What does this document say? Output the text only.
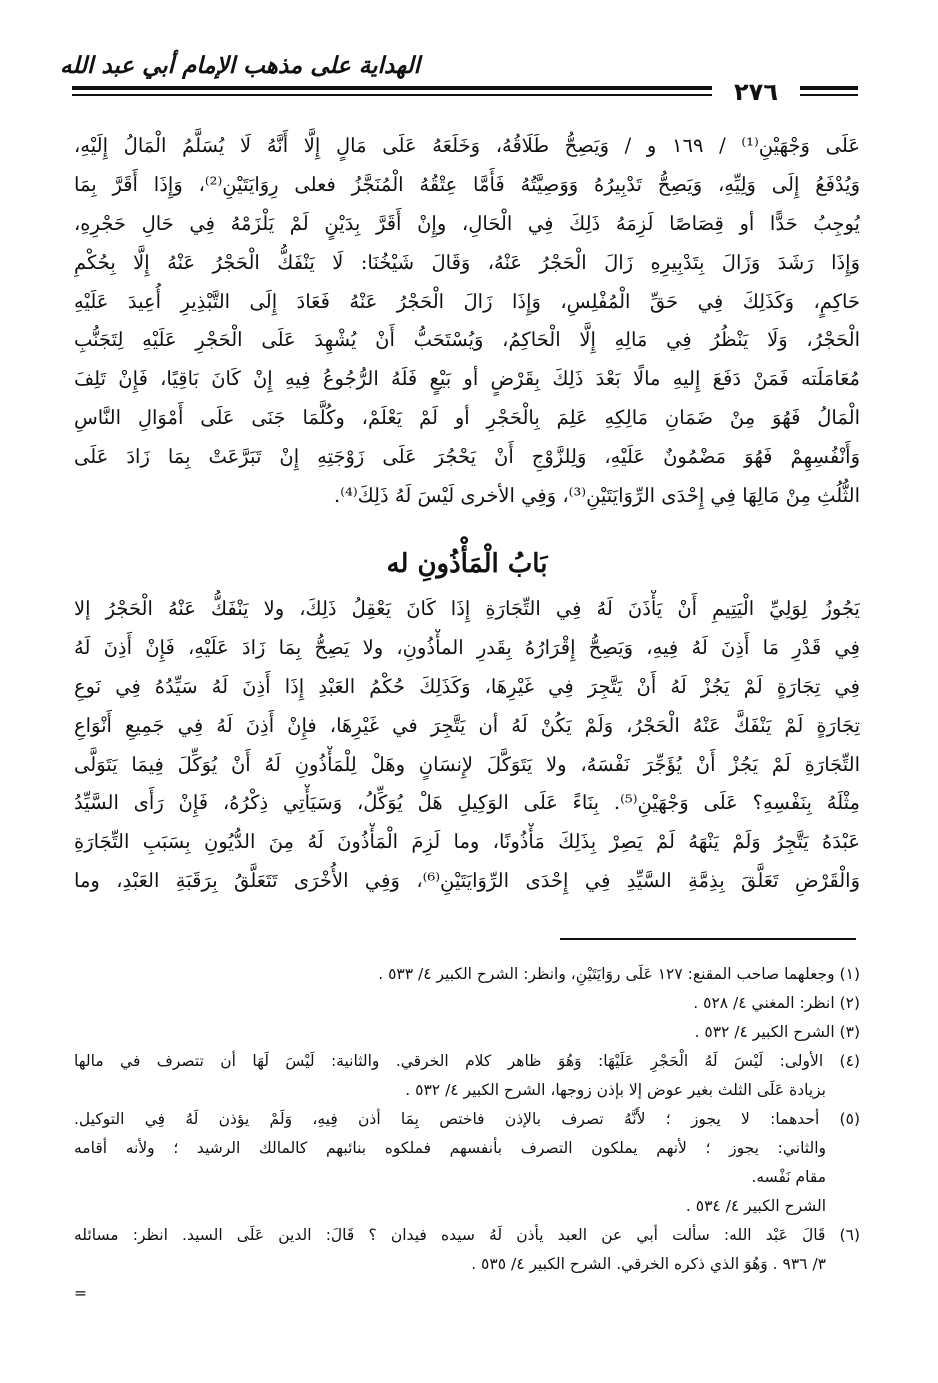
الهداية على مذهب الإمام أبي عبد الله
٢٧٦
عَلَى وَجْهَيْنِ⁽¹⁾ / ١٦٩ و / وَيَصِحُّ طَلَاقُهُ، وَخَلَعَهُ عَلَى مَالٍ إِلَّا أَنَّهُ لَا يُسَلَّمُ الْمَالُ إِلَيْهِ،
وَيُدْفَعُ إِلَى وَلِيِّهِ، وَيَصِحُّ تَدْبِيرُهُ وَوَصِيَّتُهُ فَأَمَّا عِتْقُهُ الْمُنَجَّزُ فعلى رِوَايَتَيْنِ⁽²⁾، وَإِذَا أَقَرَّ بِمَا
يُوجِبُ حَدًّا أو قِصَاصًا لَزِمَهُ ذَلِكَ فِي الْحَالِ، وإِنْ أَقَرَّ بِدَيْنٍ لَمْ يَلْزَمْهُ فِي حَالِ حَجْرِهِ،
وَإِذَا رَشَدَ وَزَالَ بِتَدْبِيرِهِ زَالَ الْحَجْرُ عَنْهُ، وَقَالَ شَيْخُنَا: لَا يَنْفَكُّ الْحَجْرُ عَنْهُ إِلَّا بِحُكْمِ
حَاكِمٍ، وَكَذَلِكَ فِي حَقِّ الْمُفْلِسِ، وَإِذَا زَالَ الْحَجْرُ عَنْهُ فَعَادَ إِلَى التَّبْذِيرِ أُعِيدَ عَلَيْهِ
الْحَجْرُ، وَلَا يَنْظُرُ فِي مَالِهِ إِلَّا الْحَاكِمُ، وَيُسْتَحَبُّ أَنْ يُشْهِدَ عَلَى الْحَجْرِ عَلَيْهِ لِتَجَنُّبِ
مُعَامَلَته فَمَنْ دَفَعَ إِليهِ مالًا بَعْدَ ذَلِكَ بِقَرْضٍ أو بَيْعٍ فَلَهُ الرُّجُوعُ فِيهِ إِنْ كَانَ بَاقِيًا، فَإِنْ تَلِفَ
الْمَالُ فَهُوَ مِنْ ضَمَانِ مَالِكِهِ عَلِمَ بِالْحَجْرِ أو لَمْ يَعْلَمْ، وكُلَّمَا جَنَى عَلَى أَمْوَالِ النَّاسِ
وَأَنْفُسِهِمْ فَهُوَ مَضْمُونٌ عَلَيْهِ، وَلِلزَّوْجِ أَنْ يَحْجُرَ عَلَى زَوْجَتِهِ إِنْ تَبَرَّعَتْ بِمَا زَادَ عَلَى
الثُّلُثِ مِنْ مَالِهَا فِي إِحْدَى الرِّوَايَتَيْنِ⁽³⁾، وَفِي الأخرى لَيْسَ لَهُ ذَلِكَ⁽⁴⁾.
بَابُ الْمَأْذُونِ له
يَجُوزُ لِوَلِيِّ الْيَتِيمِ أَنْ يَأْذَنَ لَهُ فِي التِّجَارَةِ إِذَا كَانَ يَعْقِلُ ذَلِكَ، ولا يَنْفَكُّ عَنْهُ الْحَجْرُ إلا
فِي قَدْرِ مَا أَذِنَ لَهُ فِيهِ، وَيَصِحُّ إِقْرَارُهُ بِقَدرِ المأْذُونِ، ولا يَصِحُّ بِمَا زَادَ عَلَيْهِ، فَإِنْ أَذِنَ لَهُ
فِي تِجَارَةٍ لَمْ يَجُزْ لَهُ أَنْ يَتَّجِرَ فِي غَيْرِهَا، وَكَذَلِكَ حُكْمُ العَبْدِ إِذَا أَذِنَ لَهُ سَيِّدُهُ فِي نَوعِ
تِجَارَةٍ لَمْ يَنْفَكَّ عَنْهُ الْحَجْرُ، وَلَمْ يَكُنْ لَهُ أن يَتَّجِرَ في غَيْرِهَا، فإِنْ أَذِنَ لَهُ فِي جَمِيعِ أَنْوَاعِ
التِّجَارَةِ لَمْ يَجُزْ أَنْ يُؤَجِّرَ نَفْسَهُ، ولا يَتَوَكَّلَ لإِنسَانٍ وهَلْ لِلْمَأْذُونِ لَهُ أَنْ يُوَكِّلَ فِيمَا يَتَوَلَّى
مِثْلَهُ بِنَفْسِهِ؟ عَلَى وَجْهَيْنِ⁽⁵⁾. بِنَاءً عَلَى الوَكِيلِ هَلْ يُوَكِّلُ، وَسَيَأْتِي ذِكْرُهُ، فَإِنْ رَأَى السَّيِّدُ
عَبْدَهُ يَتَّجِرُ وَلَمْ يَنْهَهُ لَمْ يَصِرْ بِذَلِكَ مَأْذُونًا، وما لَزِمَ الْمَأْذُونَ لَهُ مِنَ الدُّيُونِ بِسَبَبِ التِّجَارَةِ
وَالْقَرْضِ تَعَلَّقَ بِذِمَّةِ السَّيِّدِ فِي إِحْدَى الرِّوَايَتَيْنِ⁽⁶⁾، وَفِي الأُخْرَى تَتَعَلَّقُ بِرَقَبَةِ العَبْدِ، وما
(١) وجعلهما صاحب المقنع: ١٢٧ عَلَى روَايَتَيْنِ، وانظر: الشرح الكبير ٤/ ٥٣٣ .
(٢) انظر: المغني ٤/ ٥٢٨ .
(٣) الشرح الكبير ٤/ ٥٣٢ .
(٤) الأولى: لَيْسَ لَهُ الْحَجْرِ عَلَيْهَا: وَهُوَ ظاهر كلام الخرقي. والثانية: لَيْسَ لَهَا أن تتصرف في مالها
بزيادة عَلَى الثلث بغير عوض إلا بإذن زوجها، الشرح الكبير ٤/ ٥٣٢ .
(٥) أحدهما: لا يجوز ؛ لأَنَّهُ تصرف بالإذن فاختص بِمَا أذن فِيهِ، وَلَمْ يؤذن لَهُ فِي التوكيل.
والثاني: يجوز ؛ لأنهم يملكون التصرف بأنفسهم فملكوه بنائبهم كالمالك الرشيد ؛ ولأنه أقامه
مقام نَفْسه.
الشرح الكبير ٤/ ٥٣٤ .
(٦) قَالَ عَبْد الله: سألت أبي عن العبد يأذن لَهُ سيده فيدان ؟ قَالَ: الدين عَلَى السيد. انظر: مسائله
٣/ ٩٣٦ . وَهُوَ الذي ذكره الخرقي. الشرح الكبير ٤/ ٥٣٥ .
=
